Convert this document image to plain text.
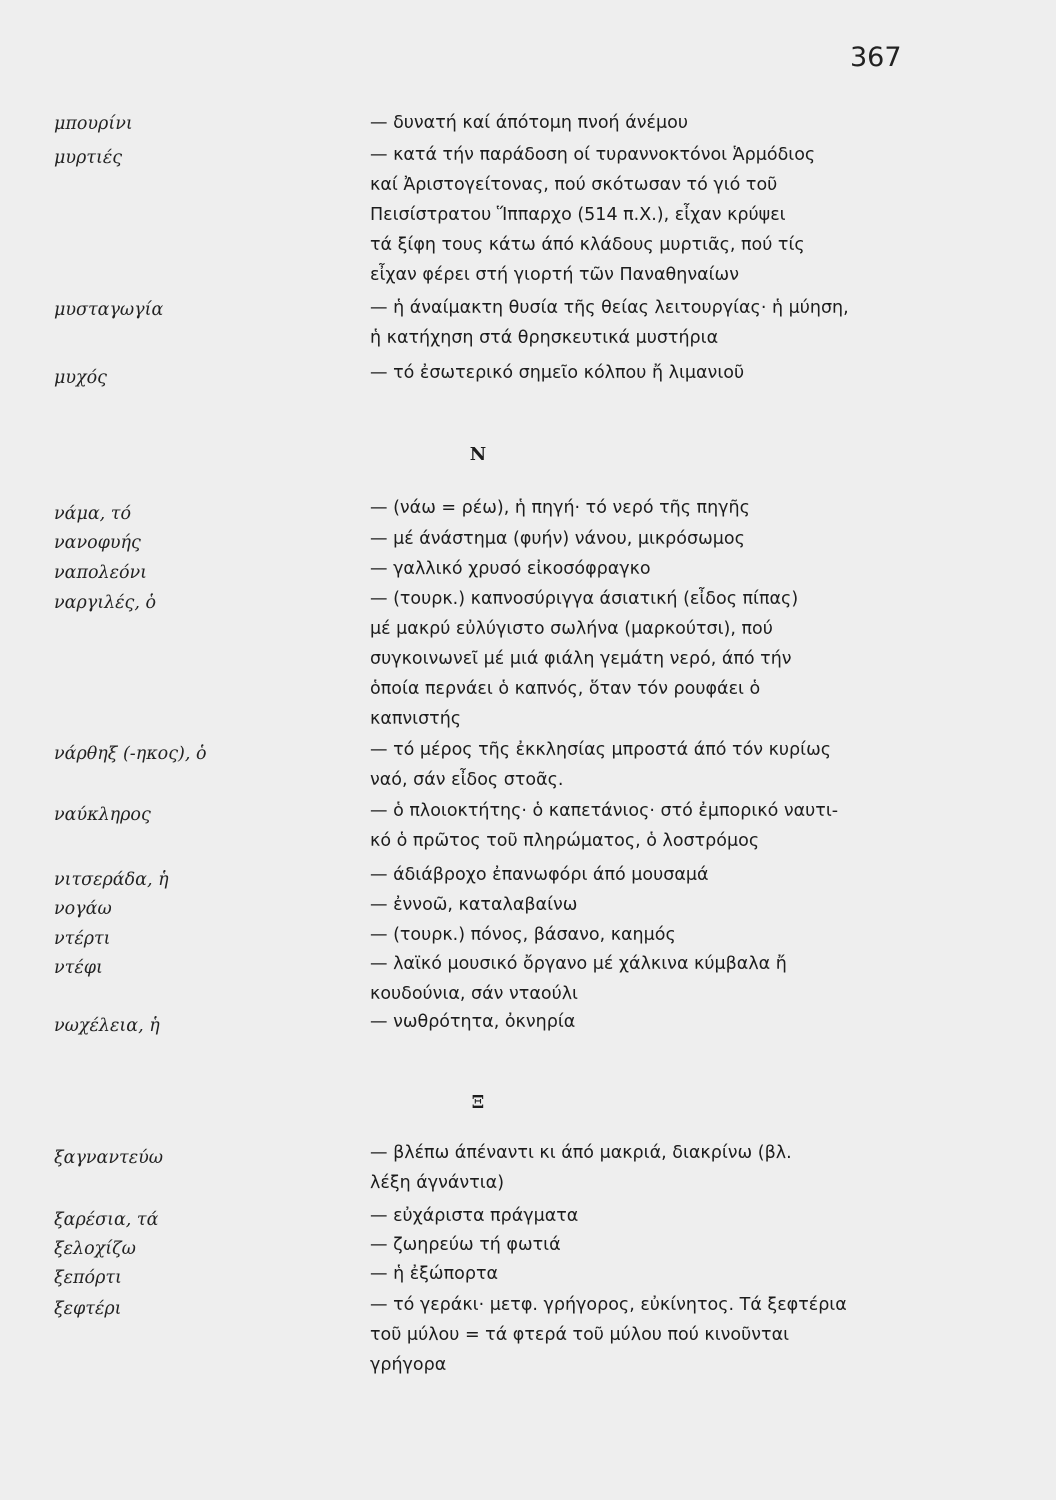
367
μπουρίνι	— δυνατή καί άπότομη πνοή άνέμου
μυρτιές	— κατά τήν παράδοση οί τυραννοκτόνοι Ἁρμόδιος
καί Ἀριστογείτονας, πού σκότωσαν τό γιό τοῦ
Πεισίστρατου Ἵππαρχο (514 π.Χ.), εἶχαν κρύψει
τά ξίφη τους κάτω άπό κλάδους μυρτιᾶς, πού τίς
εἶχαν φέρει στή γιορτή τῶν Παναθηναίων
μυσταγωγία	— ἡ άναίμακτη θυσία τῆς θείας λειτουργίας· ἡ μύηση,
ἡ κατήχηση στά θρησκευτικά μυστήρια
μυχός	— τό ἐσωτερικό σημεῖο κόλπου ἤ λιμανιοῦ
Ν
νάμα, τό	— (νάω = ρέω), ἡ πηγή· τό νερό τῆς πηγῆς
νανοφυής	— μέ άνάστημα (φυήν) νάνου, μικρόσωμος
ναπολεόνι	— γαλλικό χρυσό εἰκοσόφραγκο
ναργιλές, ὁ	— (τουρκ.) καπνοσύριγγα άσιατική (εἶδος πίπας)
μέ μακρύ εὐλύγιστο σωλήνα (μαρκούτσι), πού
συγκοινωνεῖ μέ μιά φιάλη γεμάτη νερό, άπό τήν
ὁποία περνάει ὁ καπνός, ὅταν τόν ρουφάει ὁ
καπνιστής
νάρθηξ (-ηκος), ὁ	— τό μέρος τῆς ἐκκλησίας μπροστά άπό τόν κυρίως
ναό, σάν εἶδος στοᾶς.
ναύκληρος	— ὁ πλοιοκτήτης· ὁ καπετάνιος· στό ἐμπορικό ναυτι-
κό ὁ πρῶτος τοῦ πληρώματος, ὁ λοστρόμος
νιτσεράδα, ἡ	— άδιάβροχο ἐπανωφόρι άπό μουσαμά
νογάω	— ἐννοῶ, καταλαβαίνω
ντέρτι	— (τουρκ.) πόνος, βάσανο, καημός
ντέφι	— λαϊκό μουσικό ὄργανο μέ χάλκινα κύμβαλα ἤ
κουδούνια, σάν νταούλι
νωχέλεια, ἡ	— νωθρότητα, ὀκνηρία
Ξ
ξαγναντεύω	— βλέπω άπέναντι κι άπό μακριά, διακρίνω (βλ.
λέξη άγνάντια)
ξαρέσια, τά	— εὐχάριστα πράγματα
ξελοχίζω	— ζωηρεύω τή φωτιά
ξεπόρτι	— ἡ ἐξώπορτα
ξεφτέρι	— τό γεράκι· μετφ. γρήγορος, εὐκίνητος. Τά ξεφτέρια
τοῦ μύλου = τά φτερά τοῦ μύλου πού κινοῦνται
γρήγορα
